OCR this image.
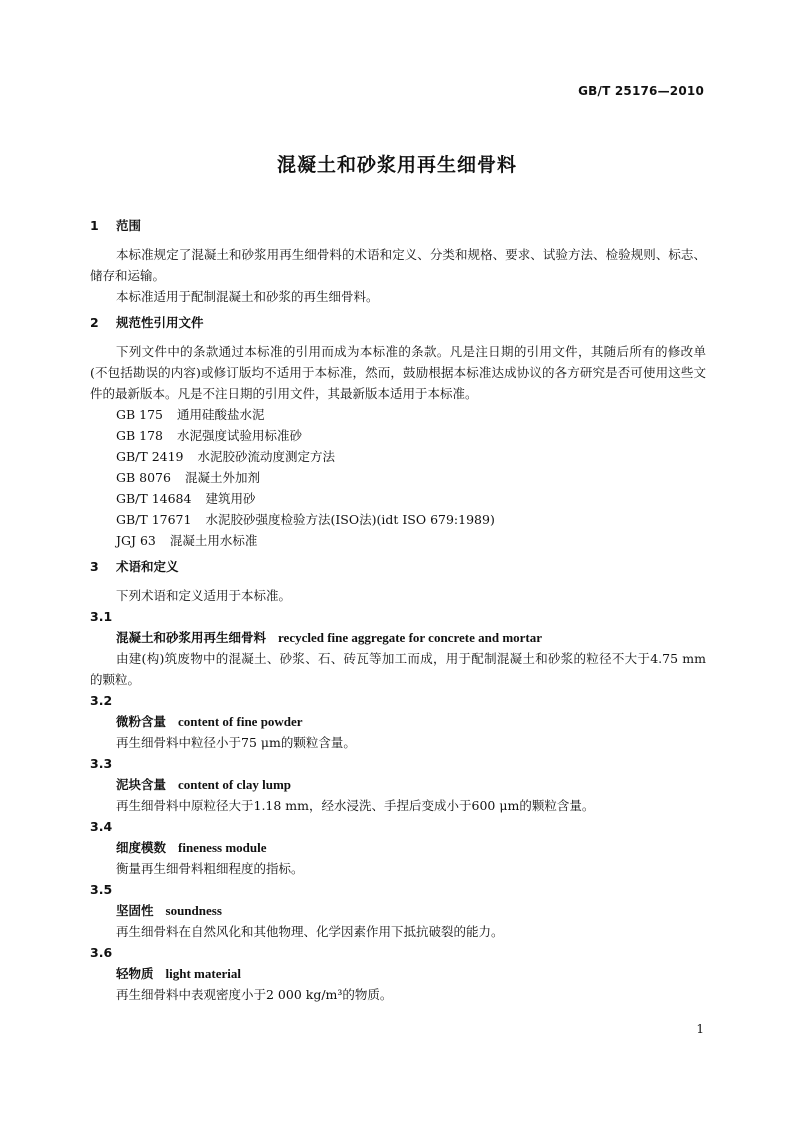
GB/T 25176—2010
混凝土和砂浆用再生细骨料
1 范围
本标准规定了混凝土和砂浆用再生细骨料的术语和定义、分类和规格、要求、试验方法、检验规则、标志、储存和运输。
本标准适用于配制混凝土和砂浆的再生细骨料。
2 规范性引用文件
下列文件中的条款通过本标准的引用而成为本标准的条款。凡是注日期的引用文件，其随后所有的修改单(不包括勘误的内容)或修订版均不适用于本标准，然而，鼓励根据本标准达成协议的各方研究是否可使用这些文件的最新版本。凡是不注日期的引用文件，其最新版本适用于本标准。
GB 175 通用硅酸盐水泥
GB 178 水泥强度试验用标准砂
GB/T 2419 水泥胶砂流动度测定方法
GB 8076 混凝土外加剂
GB/T 14684 建筑用砂
GB/T 17671 水泥胶砂强度检验方法(ISO法)(idt ISO 679:1989)
JGJ 63 混凝土用水标准
3 术语和定义
下列术语和定义适用于本标准。
3.1
混凝土和砂浆用再生细骨料 recycled fine aggregate for concrete and mortar
由建(构)筑废物中的混凝土、砂浆、石、砖瓦等加工而成，用于配制混凝土和砂浆的粒径不大于4.75 mm的颗粒。
3.2
微粉含量 content of fine powder
再生细骨料中粒径小于75 μm的颗粒含量。
3.3
泥块含量 content of clay lump
再生细骨料中原粒径大于1.18 mm，经水浸洗、手捏后变成小于600 μm的颗粒含量。
3.4
细度模数 fineness module
衡量再生细骨料粗细程度的指标。
3.5
坚固性 soundness
再生细骨料在自然风化和其他物理、化学因素作用下抵抗破裂的能力。
3.6
轻物质 light material
再生细骨料中表观密度小于2 000 kg/m³的物质。
1
